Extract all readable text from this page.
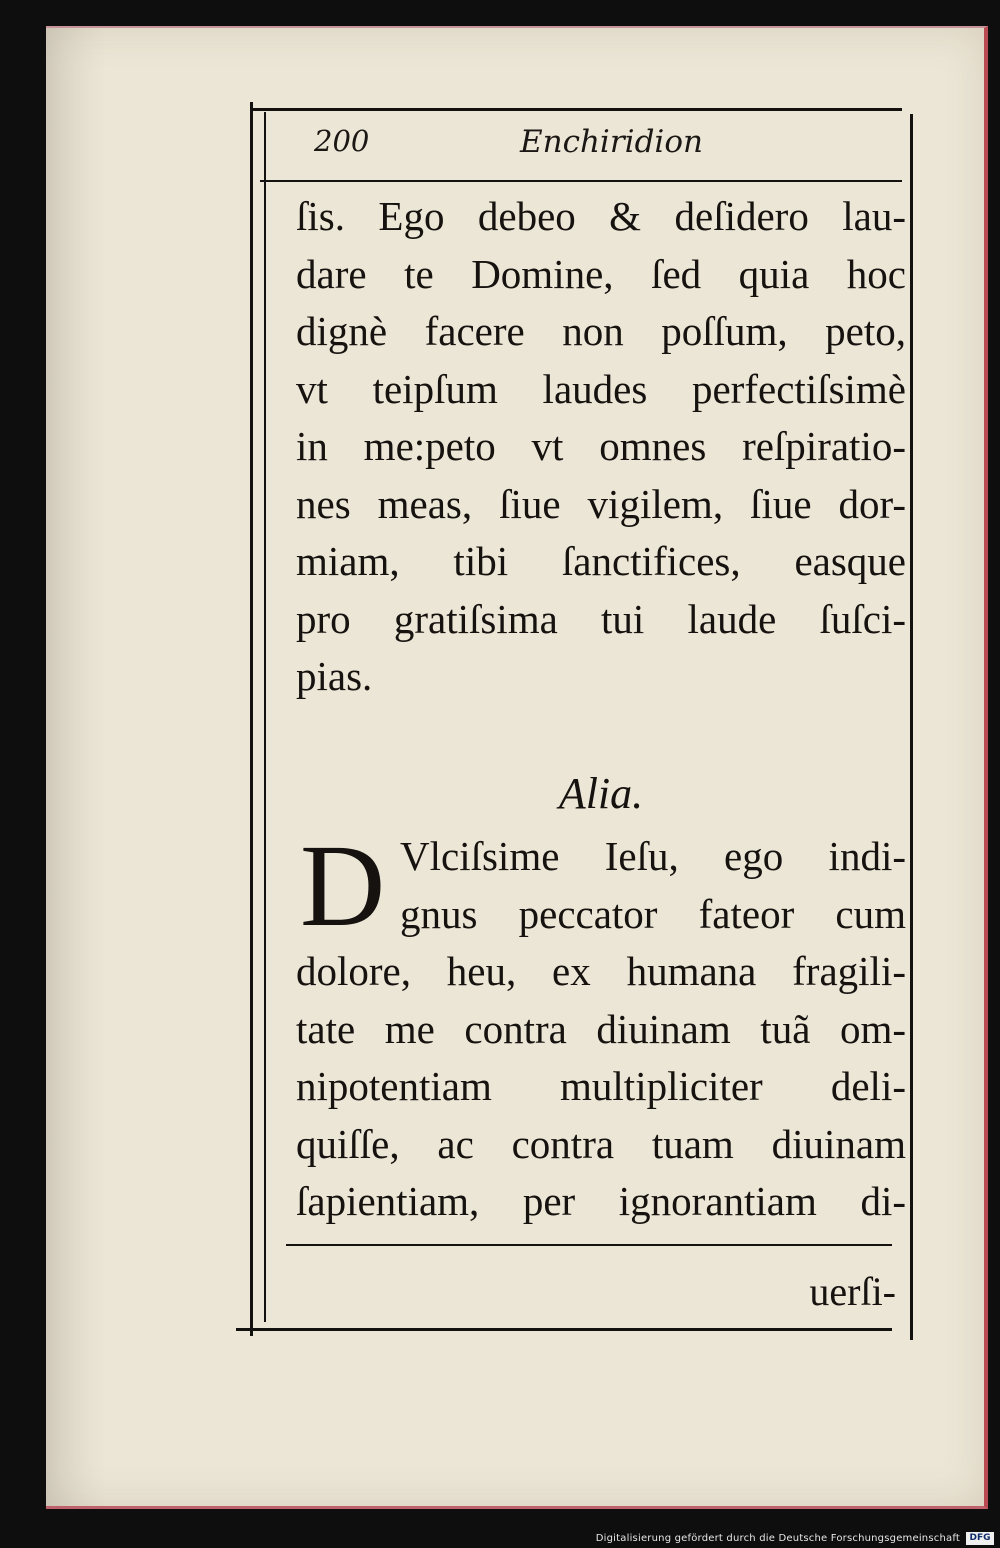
200	Enchiridion
ſis. Ego debeo & deſidero lau-
dare te Domine, ſed quia hoc
dignè facere non poſſum, peto,
vt teipſum laudes perfectiſsimè
in me:peto vt omnes reſpiratio-
nes meas, ſiue vigilem, ſiue dor-
miam, tibi ſanctifices, easque
pro gratiſsima tui laude ſuſci-
pias.
Alia.
D Vlciſsime Ieſu, ego indi-
gnus peccator fateor cum
dolore, heu, ex humana fragili-
tate me contra diuinam tuã om-
nipotentiam multipliciter deli-
quiſſe, ac contra tuam diuinam
ſapientiam, per ignorantiam di-
uerſi-
Digitalisierung gefördert durch die Deutsche Forschungsgemeinschaft	DFG
